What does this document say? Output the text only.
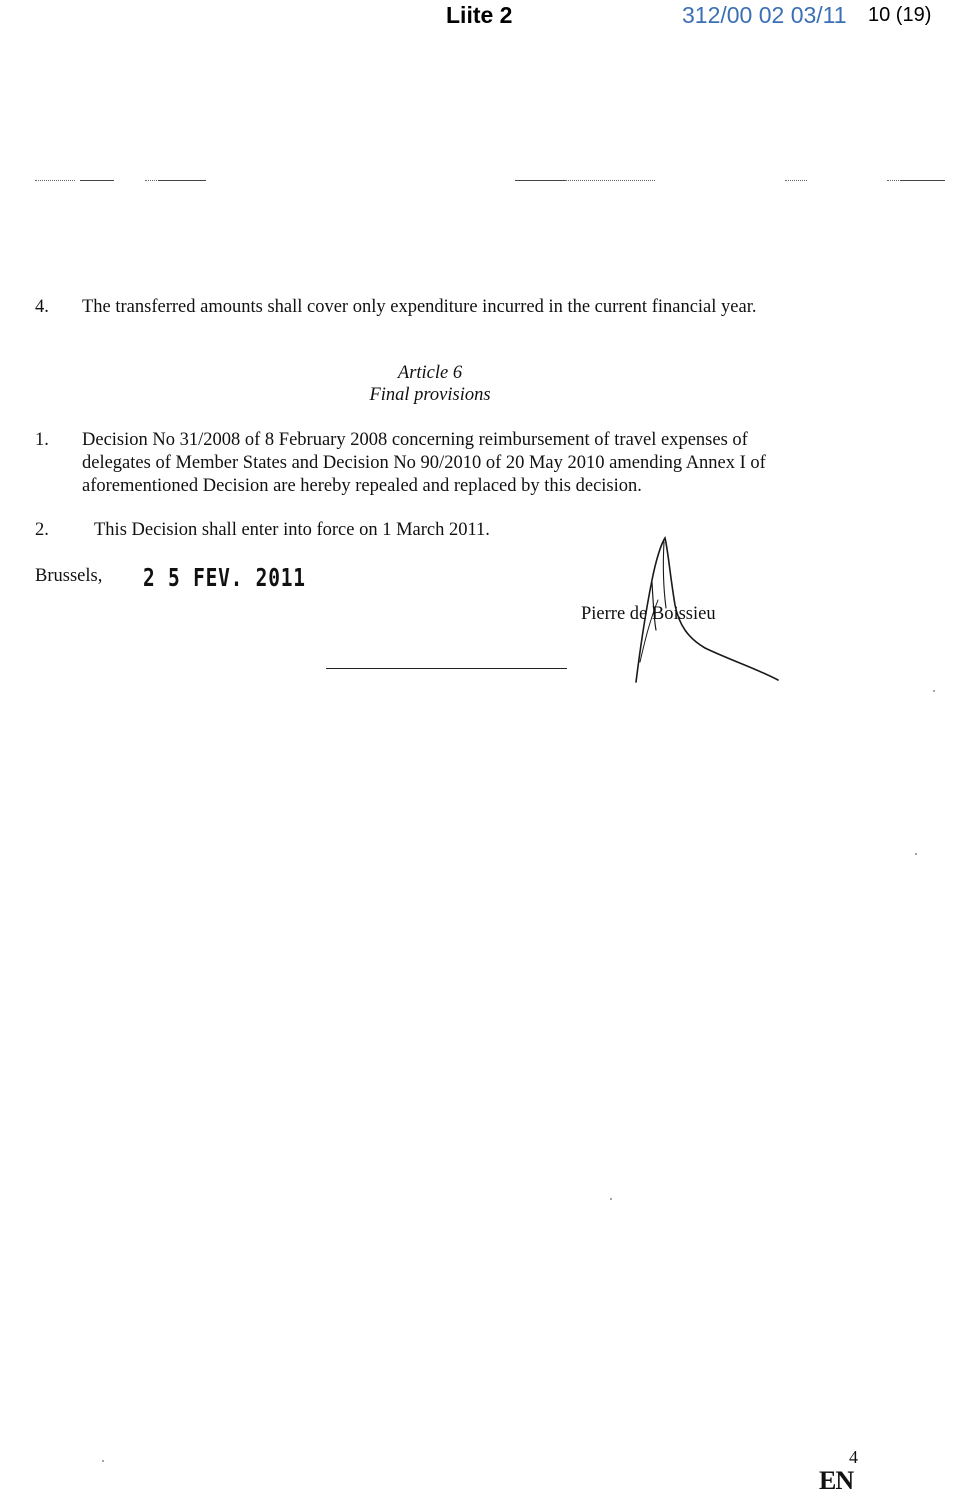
Liite 2	312/00 02 03/11 10 (19)
4. The transferred amounts shall cover only expenditure incurred in the current financial year.
Article 6
Final provisions
1. Decision No 31/2008 of 8 February 2008 concerning reimbursement of travel expenses of
delegates of Member States and Decision No 90/2010 of 20 May 2010 amending Annex I of
aforementioned Decision are hereby repealed and replaced by this decision.
2. This Decision shall enter into force on 1 March 2011.
Brussels, 2 5 FEV. 2011
Pierre de Boissieu
4
EN
